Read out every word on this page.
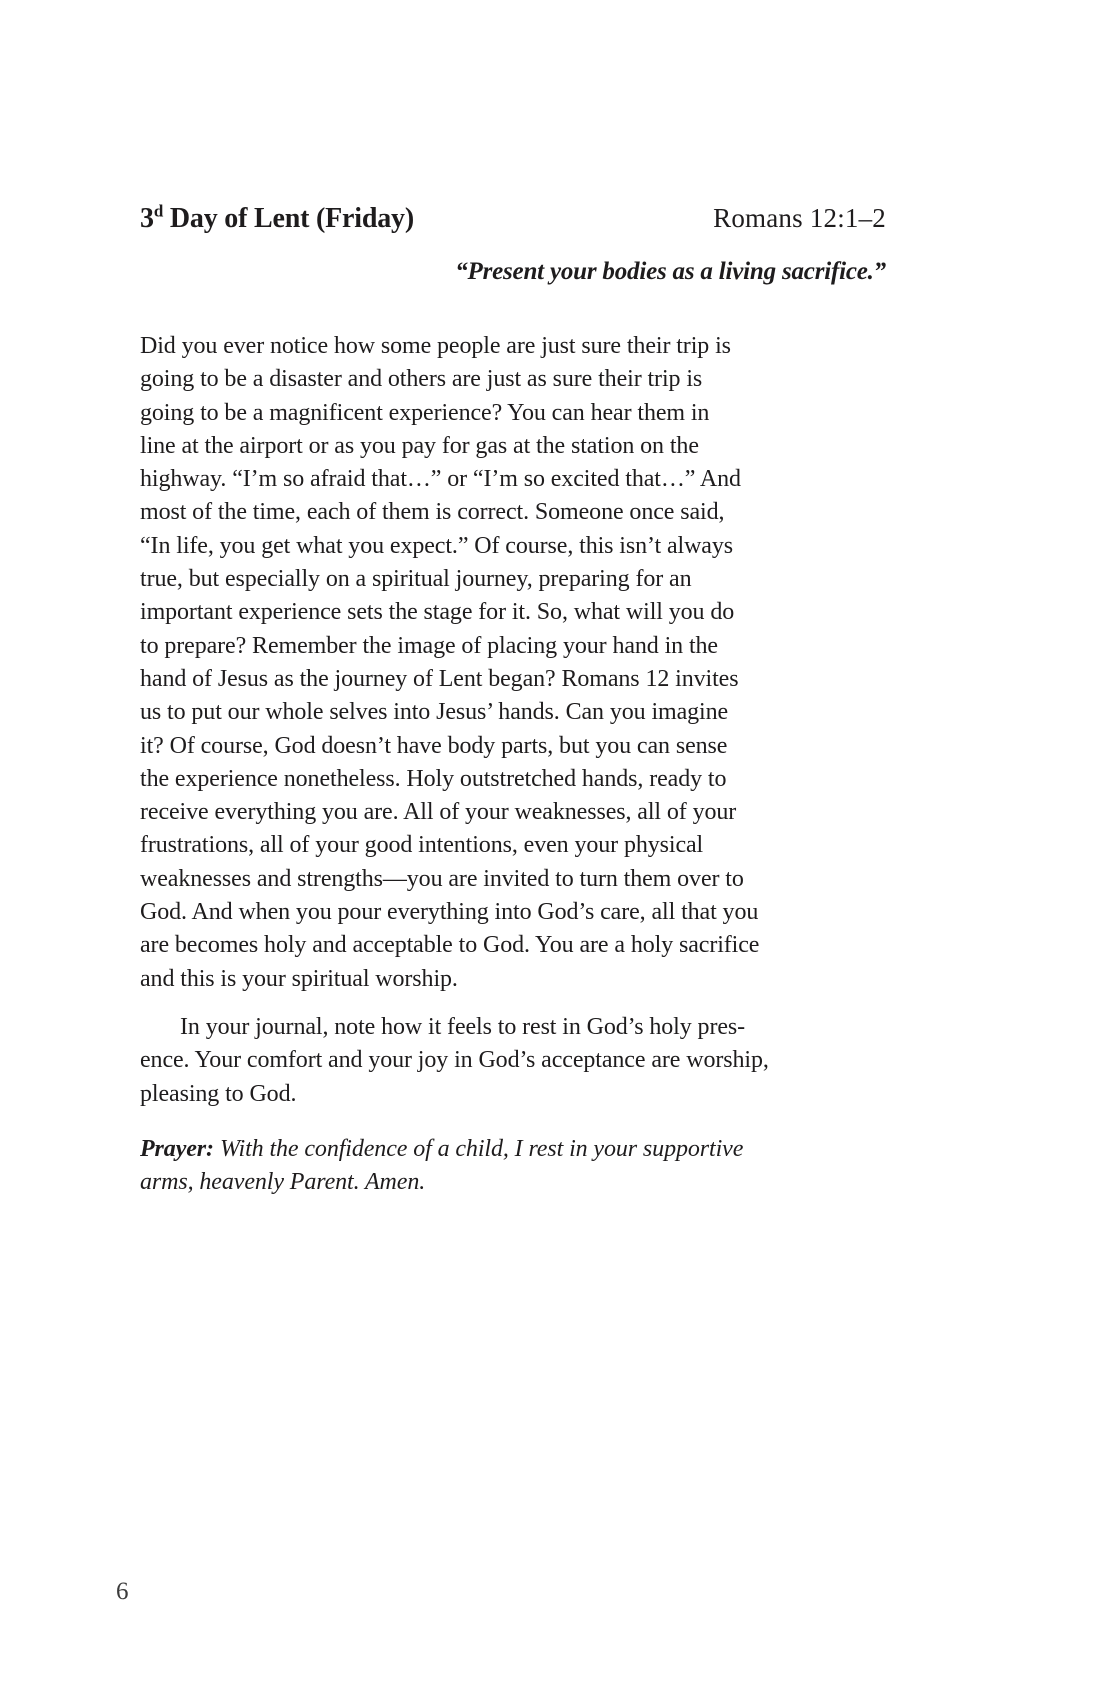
3$^d$ Day of Lent (Friday)	Romans 12:1–2
“Present your bodies as a living sacrifice.”

Did you ever notice how some people are just sure their trip is
going to be a disaster and others are just as sure their trip is
going to be a magnificent experience? You can hear them in
line at the airport or as you pay for gas at the station on the
highway. “I’m so afraid that…” or “I’m so excited that…” And
most of the time, each of them is correct. Someone once said,
“In life, you get what you expect.” Of course, this isn’t always
true, but especially on a spiritual journey, preparing for an
important experience sets the stage for it. So, what will you do
to prepare? Remember the image of placing your hand in the
hand of Jesus as the journey of Lent began? Romans 12 invites
us to put our whole selves into Jesus’ hands. Can you imagine
it? Of course, God doesn’t have body parts, but you can sense
the experience nonetheless. Holy outstretched hands, ready to
receive everything you are. All of your weaknesses, all of your
frustrations, all of your good intentions, even your physical
weaknesses and strengths—you are invited to turn them over to
God. And when you pour everything into God’s care, all that you
are becomes holy and acceptable to God. You are a holy sacrifice
and this is your spiritual worship.

In your journal, note how it feels to rest in God’s holy pres-
ence. Your comfort and your joy in God’s acceptance are worship,
pleasing to God.

Prayer: With the confidence of a child, I rest in your supportive
arms, heavenly Parent. Amen.

6
